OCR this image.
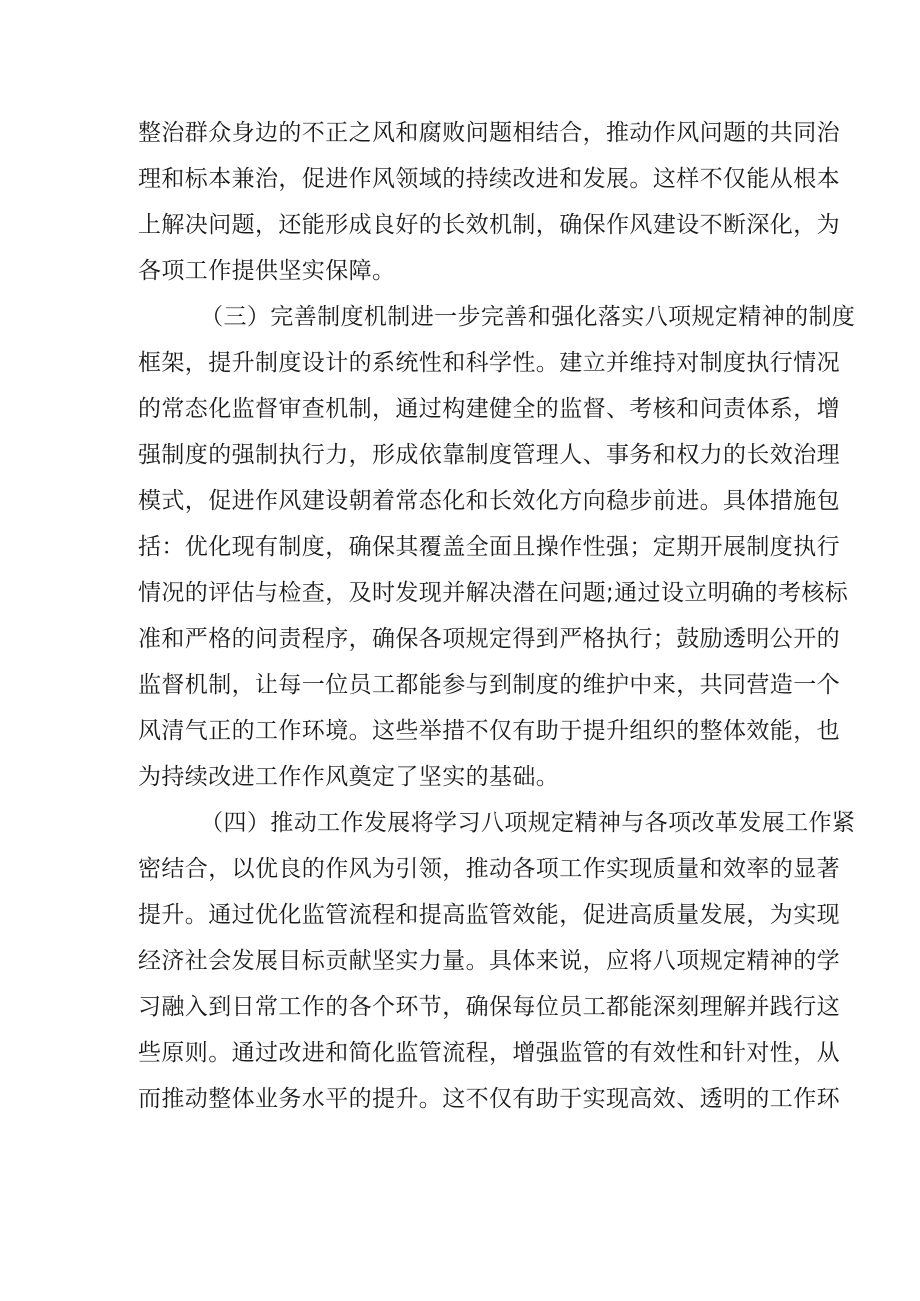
整治群众身边的不正之风和腐败问题相结合，推动作风问题的共同治
理和标本兼治，促进作风领域的持续改进和发展。这样不仅能从根本
上解决问题，还能形成良好的长效机制，确保作风建设不断深化，为
各项工作提供坚实保障。

（三）完善制度机制进一步完善和强化落实八项规定精神的制度
框架，提升制度设计的系统性和科学性。建立并维持对制度执行情况
的常态化监督审查机制，通过构建健全的监督、考核和问责体系，增
强制度的强制执行力，形成依靠制度管理人、事务和权力的长效治理
模式，促进作风建设朝着常态化和长效化方向稳步前进。具体措施包
括：优化现有制度，确保其覆盖全面且操作性强；定期开展制度执行
情况的评估与检查，及时发现并解决潜在问题;通过设立明确的考核标
准和严格的问责程序，确保各项规定得到严格执行；鼓励透明公开的
监督机制，让每一位员工都能参与到制度的维护中来，共同营造一个
风清气正的工作环境。这些举措不仅有助于提升组织的整体效能，也
为持续改进工作作风奠定了坚实的基础。

（四）推动工作发展将学习八项规定精神与各项改革发展工作紧
密结合，以优良的作风为引领，推动各项工作实现质量和效率的显著
提升。通过优化监管流程和提高监管效能，促进高质量发展，为实现
经济社会发展目标贡献坚实力量。具体来说，应将八项规定精神的学
习融入到日常工作的各个环节，确保每位员工都能深刻理解并践行这
些原则。通过改进和简化监管流程，增强监管的有效性和针对性，从
而推动整体业务水平的提升。这不仅有助于实现高效、透明的工作环
